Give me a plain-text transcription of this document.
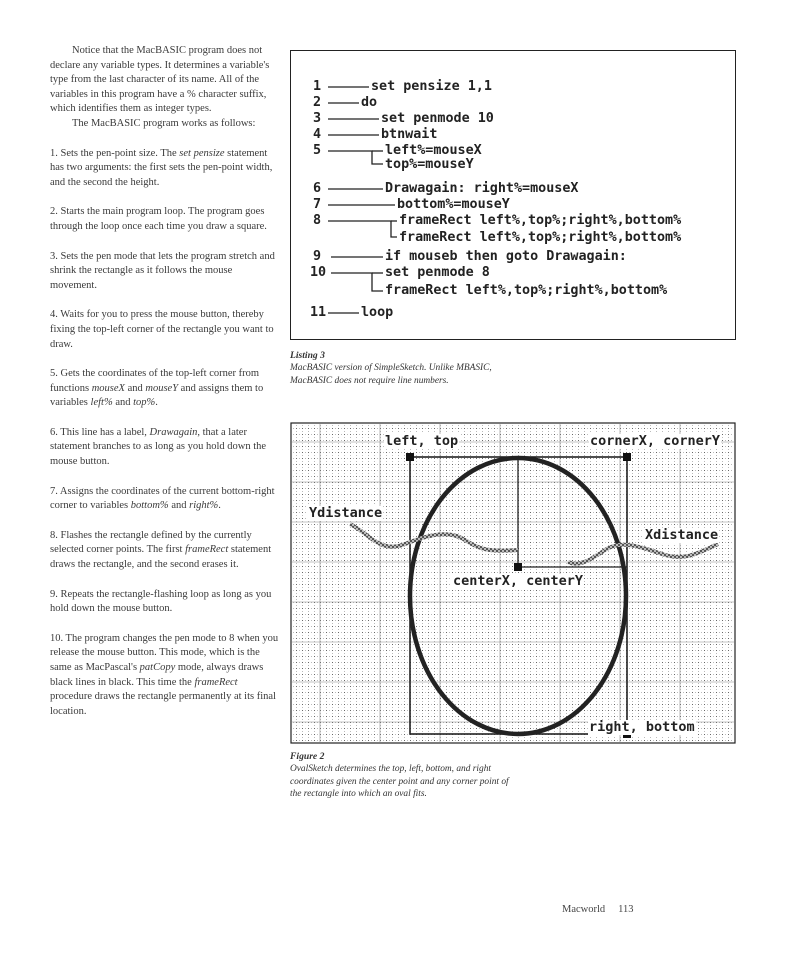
Notice that the MacBASIC program does not declare any variable types. It determines a variable's type from the last character of its name. All of the variables in this program have a % character suffix, which identifies them as integer types.

The MacBASIC program works as follows:

1. Sets the pen-point size. The set pensize statement has two arguments: the first sets the pen-point width, and the second the height.

2. Starts the main program loop. The program goes through the loop once each time you draw a square.

3. Sets the pen mode that lets the program stretch and shrink the rectangle as it follows the mouse movement.

4. Waits for you to press the mouse button, thereby fixing the top-left corner of the rectangle you want to draw.

5. Gets the coordinates of the top-left corner from functions mouseX and mouseY and assigns them to variables left% and top%.

6. This line has a label, Drawagain, that a later statement branches to as long as you hold down the mouse button.

7. Assigns the coordinates of the current bottom-right corner to variables bottom% and right%.

8. Flashes the rectangle defined by the currently selected corner points. The first frameRect statement draws the rectangle, and the second erases it.

9. Repeats the rectangle-flashing loop as long as you hold down the mouse button.

10. The program changes the pen mode to 8 when you release the mouse button. This mode, which is the same as MacPascal's patCopy mode, always draws black lines in black. This time the frameRect procedure draws the rectangle permanently at its final location.

1
2
3
4
5
6
7
8
9
10
11
set pensize 1,1
do
set penmode 10
btnwait
left%=mouseX
top%=mouseY
Drawagain: right%=mouseX
bottom%=mouseY
frameRect left%,top%;right%,bottom%
frameRect left%,top%;right%,bottom%
if mouseb then goto Drawagain:
set penmode 8
frameRect left%,top%;right%,bottom%
loop
Listing 3
MacBASIC version of SimpleSketch. Unlike MBASIC, MacBASIC does not require line numbers.
left, top	cornerX, cornerY
Ydistance
Xdistance
centerX, centerY
right, bottom
Figure 2
OvalSketch determines the top, left, bottom, and right coordinates given the center point and any corner point of the rectangle into which an oval fits.
Macworld 113
